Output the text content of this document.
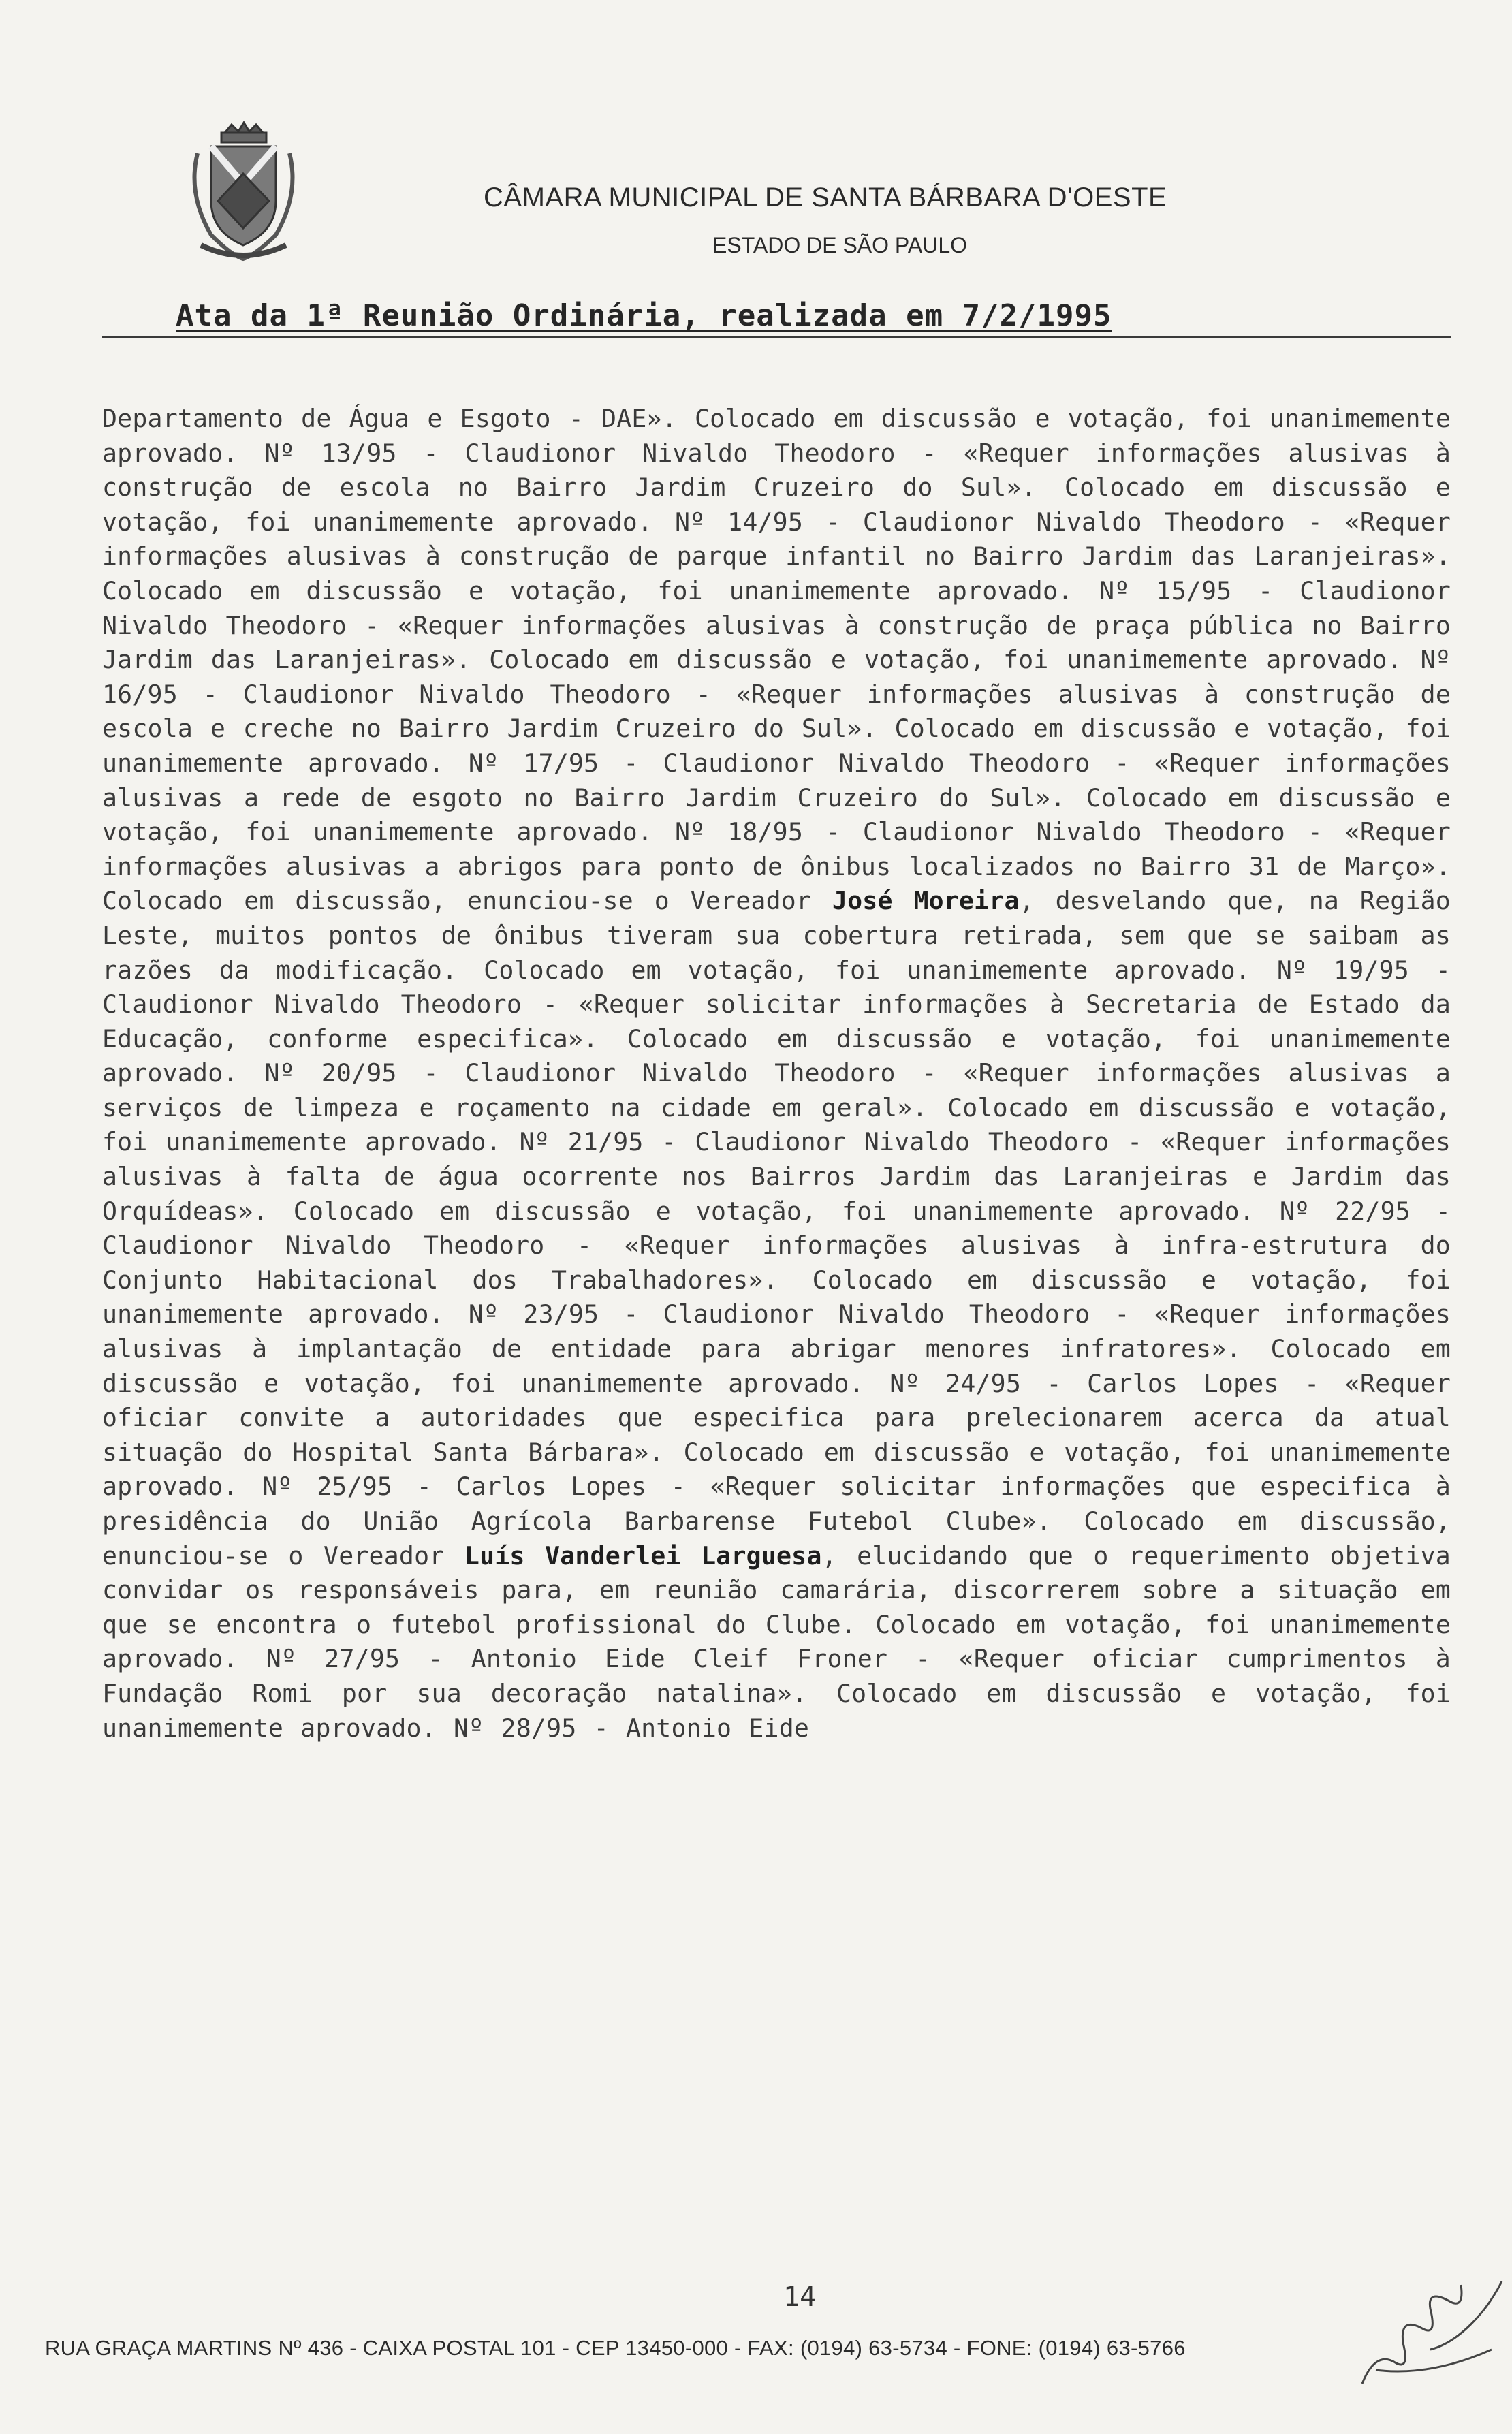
CÂMARA MUNICIPAL DE SANTA BÁRBARA D'OESTE
ESTADO DE SÃO PAULO
Ata da 1ª Reunião Ordinária, realizada em 7/2/1995
Departamento de Água e Esgoto - DAE». Colocado em discussão e votação, foi unanimemente aprovado. Nº 13/95 - Claudionor Nivaldo Theodoro - «Requer informações alusivas à construção de escola no Bairro Jardim Cruzeiro do Sul». Colocado em discussão e votação, foi unanimemente aprovado. Nº 14/95 - Claudionor Nivaldo Theodoro - «Requer informações alusivas à construção de parque infantil no Bairro Jardim das Laranjeiras». Colocado em discussão e votação, foi unanimemente aprovado. Nº 15/95 - Claudionor Nivaldo Theodoro - «Requer informações alusivas à construção de praça pública no Bairro Jardim das Laranjeiras». Colocado em discussão e votação, foi unanimemente aprovado. Nº 16/95 - Claudionor Nivaldo Theodoro - «Requer informações alusivas à construção de escola e creche no Bairro Jardim Cruzeiro do Sul». Colocado em discussão e votação, foi unanimemente aprovado. Nº 17/95 - Claudionor Nivaldo Theodoro - «Requer informações alusivas a rede de esgoto no Bairro Jardim Cruzeiro do Sul». Colocado em discussão e votação, foi unanimemente aprovado. Nº 18/95 - Claudionor Nivaldo Theodoro - «Requer informações alusivas a abrigos para ponto de ônibus localizados no Bairro 31 de Março». Colocado em discussão, enunciou-se o Vereador José Moreira, desvelando que, na Região Leste, muitos pontos de ônibus tiveram sua cobertura retirada, sem que se saibam as razões da modificação. Colocado em votação, foi unanimemente aprovado. Nº 19/95 - Claudionor Nivaldo Theodoro - «Requer solicitar informações à Secretaria de Estado da Educação, conforme especifica». Colocado em discussão e votação, foi unanimemente aprovado. Nº 20/95 - Claudionor Nivaldo Theodoro - «Requer informações alusivas a serviços de limpeza e roçamento na cidade em geral». Colocado em discussão e votação, foi unanimemente aprovado. Nº 21/95 - Claudionor Nivaldo Theodoro - «Requer informações alusivas à falta de água ocorrente nos Bairros Jardim das Laranjeiras e Jardim das Orquídeas». Colocado em discussão e votação, foi unanimemente aprovado. Nº 22/95 - Claudionor Nivaldo Theodoro - «Requer informações alusivas à infra-estrutura do Conjunto Habitacional dos Trabalhadores». Colocado em discussão e votação, foi unanimemente aprovado. Nº 23/95 - Claudionor Nivaldo Theodoro - «Requer informações alusivas à implantação de entidade para abrigar menores infratores». Colocado em discussão e votação, foi unanimemente aprovado. Nº 24/95 - Carlos Lopes - «Requer oficiar convite a autoridades que especifica para prelecionarem acerca da atual situação do Hospital Santa Bárbara». Colocado em discussão e votação, foi unanimemente aprovado. Nº 25/95 - Carlos Lopes - «Requer solicitar informações que especifica à presidência do União Agrícola Barbarense Futebol Clube». Colocado em discussão, enunciou-se o Vereador Luís Vanderlei Larguesa, elucidando que o requerimento objetiva convidar os responsáveis para, em reunião camarária, discorrerem sobre a situação em que se encontra o futebol profissional do Clube. Colocado em votação, foi unanimemente aprovado. Nº 27/95 - Antonio Eide Cleif Froner - «Requer oficiar cumprimentos à Fundação Romi por sua decoração natalina». Colocado em discussão e votação, foi unanimemente aprovado. Nº 28/95 - Antonio Eide
14
RUA GRAÇA MARTINS Nº 436 - CAIXA POSTAL 101 - CEP 13450-000 - FAX: (0194) 63-5734 - FONE: (0194) 63-5766
